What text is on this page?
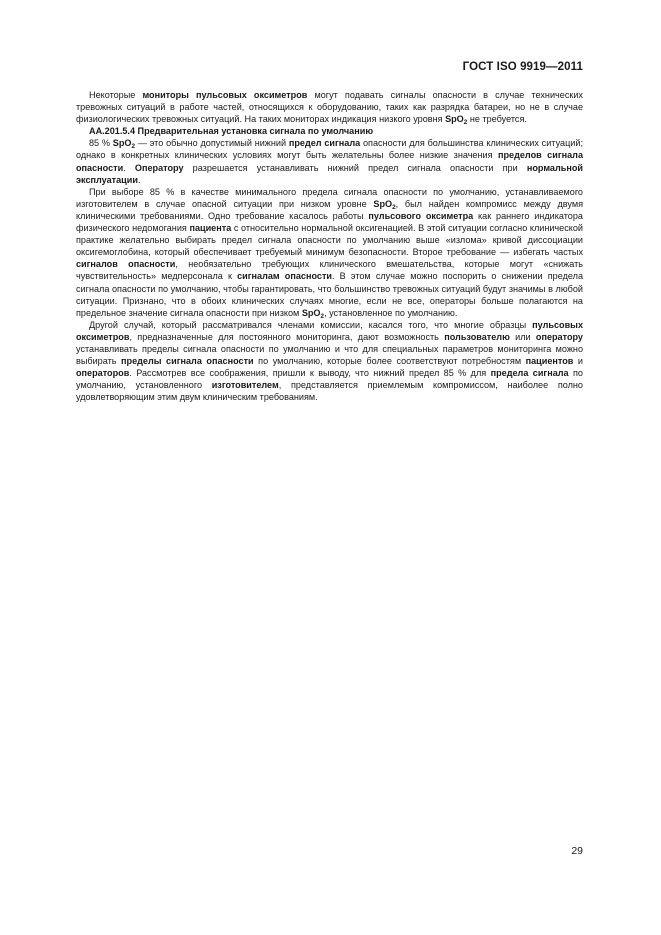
ГОСТ ISO 9919—2011

Некоторые мониторы пульсовых оксиметров могут подавать сигналы опасности в случае технических тревожных ситуаций в работе частей, относящихся к оборудованию, таких как разрядка батареи, но не в случае физиологических тревожных ситуаций. На таких мониторах индикация низкого уровня SpO$_2$ не требуется.

АА.201.5.4 Предварительная установка сигнала по умолчанию

85 % SpO$_2$ — это обычно допустимый нижний предел сигнала опасности для большинства клинических ситуаций; однако в конкретных клинических условиях могут быть желательны более низкие значения пределов сигнала опасности. Оператору разрешается устанавливать нижний предел сигнала опасности при нормальной эксплуатации.

При выборе 85 % в качестве минимального предела сигнала опасности по умолчанию, устанавливаемого изготовителем в случае опасной ситуации при низком уровне SpO$_2$, был найден компромисс между двумя клиническими требованиями. Одно требование касалось работы пульсового оксиметра как раннего индикатора физического недомогания пациента с относительно нормальной оксигенацией. В этой ситуации согласно клинической практике желательно выбирать предел сигнала опасности по умолчанию выше «излома» кривой диссоциации оксигемоглобина, который обеспечивает требуемый минимум безопасности. Второе требование — избегать частых сигналов опасности, необязательно требующих клинического вмешательства, которые могут «снижать чувствительность» медперсонала к сигналам опасности. В этом случае можно поспорить о снижении предела сигнала опасности по умолчанию, чтобы гарантировать, что большинство тревожных ситуаций будут значимы в любой ситуации. Признано, что в обоих клинических случаях многие, если не все, операторы больше полагаются на предельное значение сигнала опасности при низком SpO$_2$, установленное по умолчанию.

Другой случай, который рассматривался членами комиссии, касался того, что многие образцы пульсовых оксиметров, предназначенные для постоянного мониторинга, дают возможность пользователю или оператору устанавливать пределы сигнала опасности по умолчанию и что для специальных параметров мониторинга можно выбирать пределы сигнала опасности по умолчанию, которые более соответствуют потребностям пациентов и операторов. Рассмотрев все соображения, пришли к выводу, что нижний предел 85 % для предела сигнала по умолчанию, установленного изготовителем, представляется приемлемым компромиссом, наиболее полно удовлетворяющим этим двум клиническим требованиям.

29
